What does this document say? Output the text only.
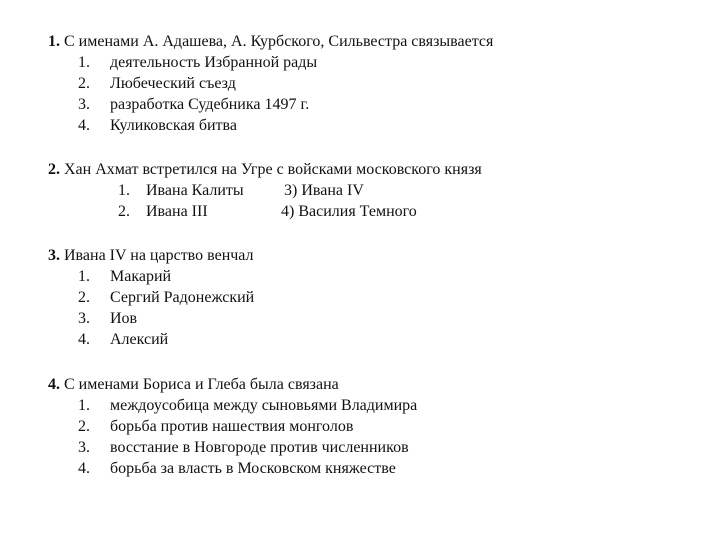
1. С именами А. Адашева, А. Курбского, Сильвестра связывается
1. деятельность Избранной рады
2. Любеческий съезд
3. разработка Судебника 1497 г.
4. Куликовская битва
2. Хан Ахмат встретился на Угре с войсками московского князя
1. Ивана Калиты	3) Ивана IV
2. Ивана III	4) Василия Темного
3. Ивана IV на царство венчал
1. Макарий
2. Сергий Радонежский
3. Иов
4. Алексий
4. С именами Бориса и Глеба была связана
1. междоусобица между сыновьями Владимира
2. борьба против нашествия монголов
3. восстание в Новгороде против численников
4. борьба за власть в Московском княжестве
